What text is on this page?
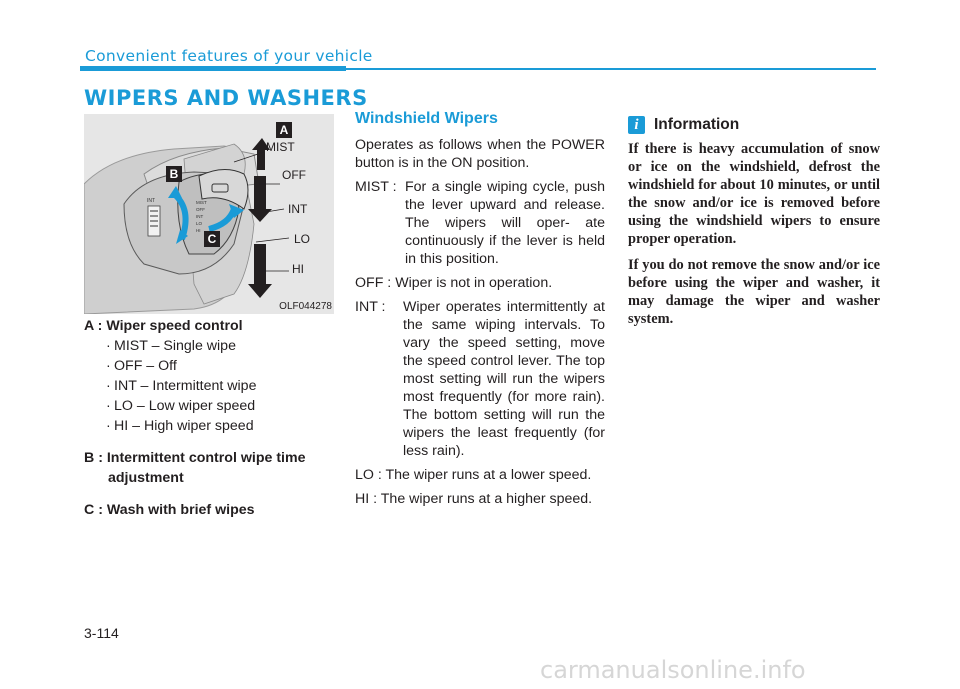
Convenient features of your vehicle
WIPERS AND WASHERS
INT	MIST
OFF
INT
LO
HI
MIST
OFF
INT
LO
HI
A
B
C
OLF044278
A : Wiper speed control
· MIST – Single wipe
· OFF – Off
· INT – Intermittent wipe
· LO – Low wiper speed
· HI – High wiper speed
B : Intermittent control wipe time
adjustment
C : Wash with brief wipes
Windshield Wipers

Operates as follows when the POWER button is in the ON position.

MIST : For a single wiping cycle, push the lever upward and release. The wipers will oper- ate continuously if the lever is held in this position.
OFF : Wiper is not in operation.
INT :	Wiper operates intermittently at the same wiping intervals. To vary the speed setting, move the speed control lever. The top most setting will run the wipers most frequently (for more rain). The bottom setting will run the wipers the least frequently (for less rain).
LO : The wiper runs at a lower speed.
HI : The wiper runs at a higher speed.
i Information

If there is heavy accumulation of snow or ice on the windshield, defrost the windshield for about 10 minutes, or until the snow and/or ice is removed before using the windshield wipers to ensure proper operation.

If you do not remove the snow and/or ice before using the wiper and washer, it may damage the wiper and washer system.

3-114
carmanualsonline.info
